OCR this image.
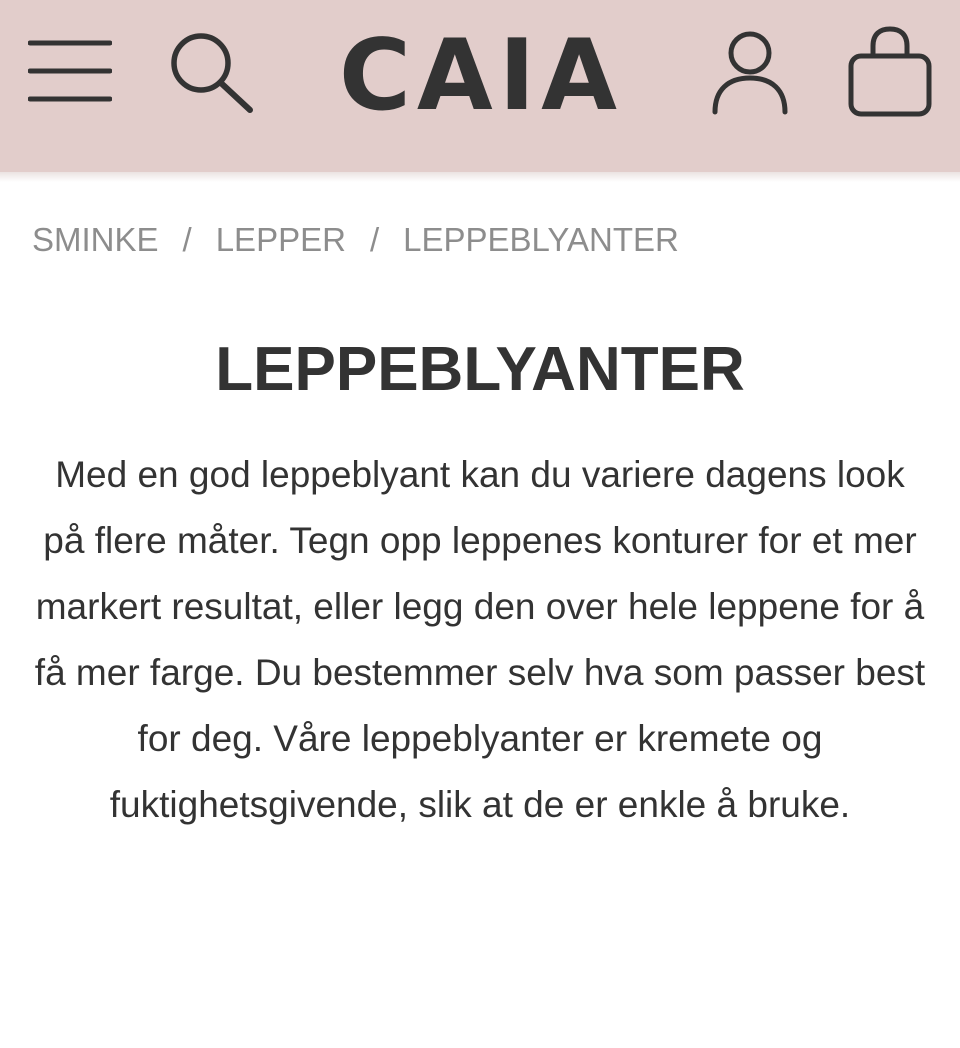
CAIA
SMINKE / LEPPER / LEPPEBLYANTER
LEPPEBLYANTER

Med en god leppeblyant kan du variere dagens look på flere måter. Tegn opp leppenes konturer for et mer markert resultat, eller legg den over hele leppene for å få mer farge. Du bestemmer selv hva som passer best for deg. Våre leppeblyanter er kremete og fuktighetsgivende, slik at de er enkle å bruke.
